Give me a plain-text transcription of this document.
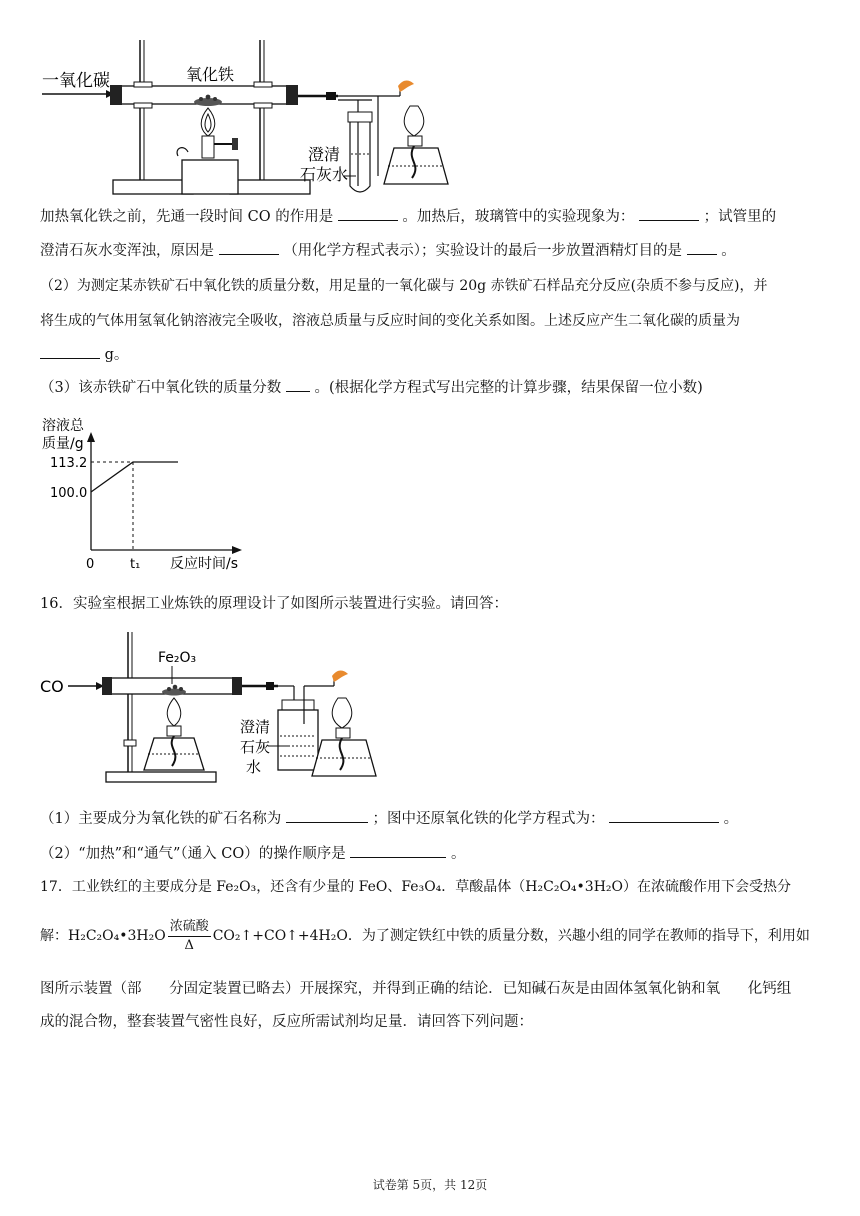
一氧化碳	氧化铁
澄清
石灰水
加热氧化铁之前，先通一段时间 CO 的作用是	。加热后，玻璃管中的实验现象为：	；试管里的
澄清石灰水变浑浊，原因是	（用化学方程式表示）；实验设计的最后一步放置酒精灯目的是	。
（2）为测定某赤铁矿石中氧化铁的质量分数，用足量的一氧化碳与 20g 赤铁矿石样品充分反应(杂质不参与反应)，并
将生成的气体用氢氧化钠溶液完全吸收，溶液总质量与反应时间的变化关系如图。上述反应产生二氧化碳的质量为
g。
（3）该赤铁矿石中氧化铁的质量分数 。(根据化学方程式写出完整的计算步骤，结果保留一位小数)
100.0
113.2
0	t₁
溶液总
质量/g
反应时间/s
16．实验室根据工业炼铁的原理设计了如图所示装置进行实验。请回答：
CO
Fe₂O₃
澄清
石灰
水
（1）主要成分为氧化铁的矿石名称为	；图中还原氧化铁的化学方程式为：	。
（2）“加热”和“通气”（通入 CO）的操作顺序是	。
17．工业铁红的主要成分是 Fe₂O₃，还含有少量的 FeO、Fe₃O₄．草酸晶体（H₂C₂O₄•3H₂O）在浓硫酸作用下会受热分
解：H₂C₂O₄•3H₂O $\frac{\text{浓硫酸}}{\Delta}$ CO₂↑+CO↑+4H₂O．为了测定铁红中铁的质量分数，兴趣小组的同学在教师的指导下，利用如
图所示装置（部      分固定装置已略去）开展探究，并得到正确的结论．已知碱石灰是由固体氢氧化钠和氧      化钙组
成的混合物，整套装置气密性良好，反应所需试剂均足量．请回答下列问题：
试卷第 5页，共 12页
